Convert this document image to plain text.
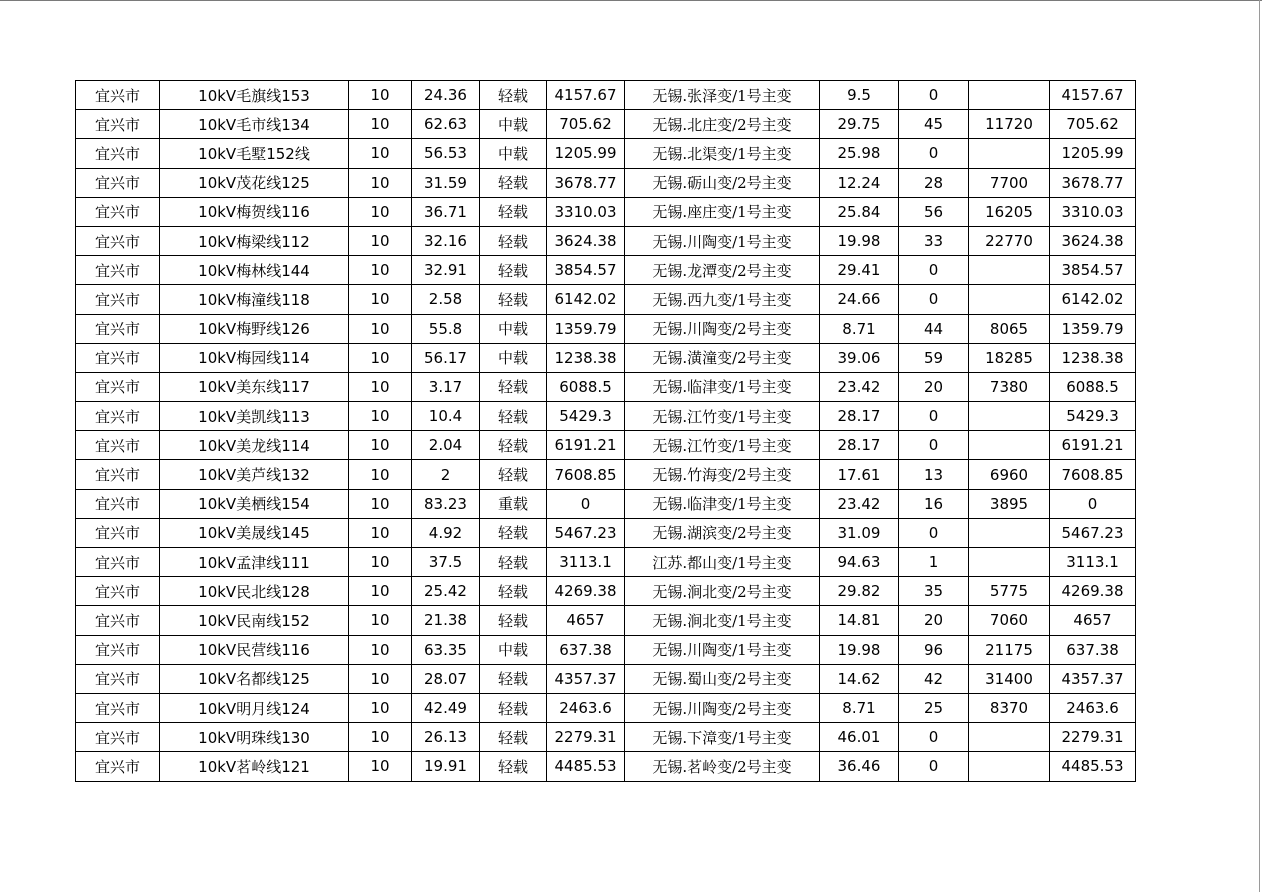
宜兴市	10kV毛旗线153	10	24.36	轻载	4157.67	无锡.张泽变/1号主变	9.5	0		4157.67
宜兴市	10kV毛市线134	10	62.63	中载	705.62	无锡.北庄变/2号主变	29.75	45	11720	705.62
宜兴市	10kV毛墅152线	10	56.53	中载	1205.99	无锡.北渠变/1号主变	25.98	0		1205.99
宜兴市	10kV茂花线125	10	31.59	轻载	3678.77	无锡.砺山变/2号主变	12.24	28	7700	3678.77
宜兴市	10kV梅贺线116	10	36.71	轻载	3310.03	无锡.座庄变/1号主变	25.84	56	16205	3310.03
宜兴市	10kV梅梁线112	10	32.16	轻载	3624.38	无锡.川陶变/1号主变	19.98	33	22770	3624.38
宜兴市	10kV梅林线144	10	32.91	轻载	3854.57	无锡.龙潭变/2号主变	29.41	0		3854.57
宜兴市	10kV梅潼线118	10	2.58	轻载	6142.02	无锡.西九变/1号主变	24.66	0		6142.02
宜兴市	10kV梅野线126	10	55.8	中载	1359.79	无锡.川陶变/2号主变	8.71	44	8065	1359.79
宜兴市	10kV梅园线114	10	56.17	中载	1238.38	无锡.潢潼变/2号主变	39.06	59	18285	1238.38
宜兴市	10kV美东线117	10	3.17	轻载	6088.5	无锡.临津变/1号主变	23.42	20	7380	6088.5
宜兴市	10kV美凯线113	10	10.4	轻载	5429.3	无锡.江竹变/1号主变	28.17	0		5429.3
宜兴市	10kV美龙线114	10	2.04	轻载	6191.21	无锡.江竹变/1号主变	28.17	0		6191.21
宜兴市	10kV美芦线132	10	2	轻载	7608.85	无锡.竹海变/2号主变	17.61	13	6960	7608.85
宜兴市	10kV美栖线154	10	83.23	重载	0	无锡.临津变/1号主变	23.42	16	3895	0
宜兴市	10kV美晟线145	10	4.92	轻载	5467.23	无锡.湖滨变/2号主变	31.09	0		5467.23
宜兴市	10kV孟津线111	10	37.5	轻载	3113.1	江苏.都山变/1号主变	94.63	1		3113.1
宜兴市	10kV民北线128	10	25.42	轻载	4269.38	无锡.涧北变/2号主变	29.82	35	5775	4269.38
宜兴市	10kV民南线152	10	21.38	轻载	4657	无锡.涧北变/1号主变	14.81	20	7060	4657
宜兴市	10kV民营线116	10	63.35	中载	637.38	无锡.川陶变/1号主变	19.98	96	21175	637.38
宜兴市	10kV名都线125	10	28.07	轻载	4357.37	无锡.蜀山变/2号主变	14.62	42	31400	4357.37
宜兴市	10kV明月线124	10	42.49	轻载	2463.6	无锡.川陶变/2号主变	8.71	25	8370	2463.6
宜兴市	10kV明珠线130	10	26.13	轻载	2279.31	无锡.下漳变/1号主变	46.01	0		2279.31
宜兴市	10kV茗岭线121	10	19.91	轻载	4485.53	无锡.茗岭变/2号主变	36.46	0		4485.53
